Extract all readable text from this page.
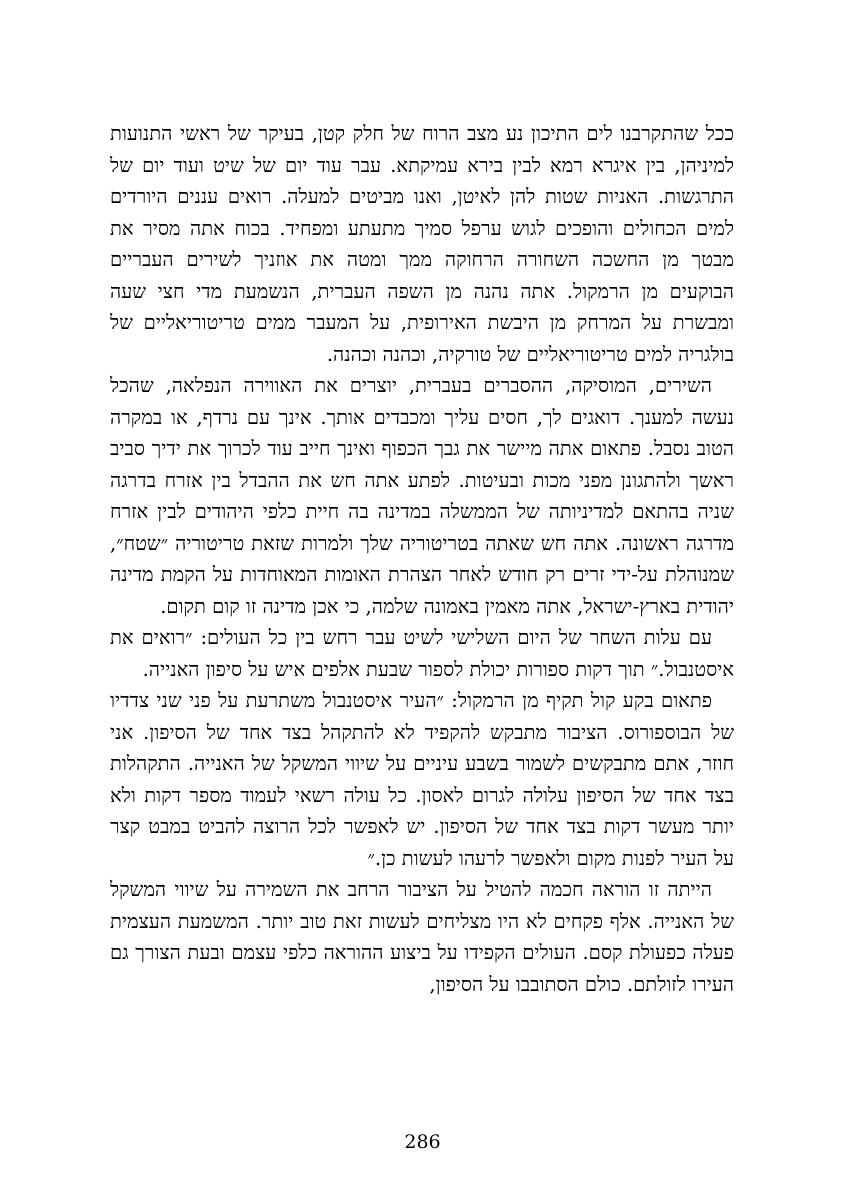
ככל שהתקרבנו לים התיכון נע מצב הרוח של חלק קטן, בעיקר של ראשי התנועות למיניהן, בין איגרא רמא לבין בירא עמיקתא. עבר עוד יום של שיט ועוד יום של התרגשות. האניות שטות להן לאיטן, ואנו מביטים למעלה. רואים עננים היורדים למים הכחולים והופכים לגוש ערפל סמיך מתעתע ומפחיד. בכוח אתה מסיר את מבטך מן החשכה השחורה הרחוקה ממך ומטה את אוזניך לשירים העבריים הבוקעים מן הרמקול. אתה נהנה מן השפה העברית, הנשמעת מדי חצי שעה ומבשרת על המרחק מן היבשת האירופית, על המעבר ממים טריטוריאליים של בולגריה למים טריטוריאליים של טורקיה, וכהנה וכהנה.

השירים, המוסיקה, ההסברים בעברית, יוצרים את האווירה הנפלאה, שהכל נעשה למענך. דואגים לך, חסים עליך ומכבדים אותך. אינך עם נרדף, או במקרה הטוב נסבל. פתאום אתה מיישר את גבך הכפוף ואינך חייב עוד לכרוך את ידיך סביב ראשך ולהתגונן מפני מכות ובעיטות. לפתע אתה חש את ההבדל בין אזרח בדרגה שניה בהתאם למדיניותה של הממשלה במדינה בה חיית כלפי היהודים לבין אזרח מדרגה ראשונה. אתה חש שאתה בטריטוריה שלך ולמרות שזאת טריטוריה ״שטח״, שמנוהלת על-ידי זרים רק חודש לאחר הצהרת האומות המאוחדות על הקמת מדינה יהודית בארץ-ישראל, אתה מאמין באמונה שלמה, כי אכן מדינה זו קום תקום.

עם עלות השחר של היום השלישי לשיט עבר רחש בין כל העולים: ״רואים את איסטנבול.״ תוך דקות ספורות יכולת לספור שבעת אלפים איש על סיפון האנייה.

פתאום בקע קול תקיף מן הרמקול: ״העיר איסטנבול משתרעת על פני שני צדדיו של הבוספורוס. הציבור מתבקש להקפיד לא להתקהל בצד אחד של הסיפון. אני חוזר, אתם מתבקשים לשמור בשבע עיניים על שיווי המשקל של האנייה. התקהלות בצד אחד של הסיפון עלולה לגרום לאסון. כל עולה רשאי לעמוד מספר דקות ולא יותר מעשר דקות בצד אחד של הסיפון. יש לאפשר לכל הרוצה להביט במבט קצר על העיר לפנות מקום ולאפשר לרעהו לעשות כן.״

הייתה זו הוראה חכמה להטיל על הציבור הרחב את השמירה על שיווי המשקל של האנייה. אלף פקחים לא היו מצליחים לעשות זאת טוב יותר. המשמעת העצמית פעלה כפעולת קסם. העולים הקפידו על ביצוע ההוראה כלפי עצמם ובעת הצורך גם העירו לזולתם. כולם הסתובבו על הסיפון,

286
